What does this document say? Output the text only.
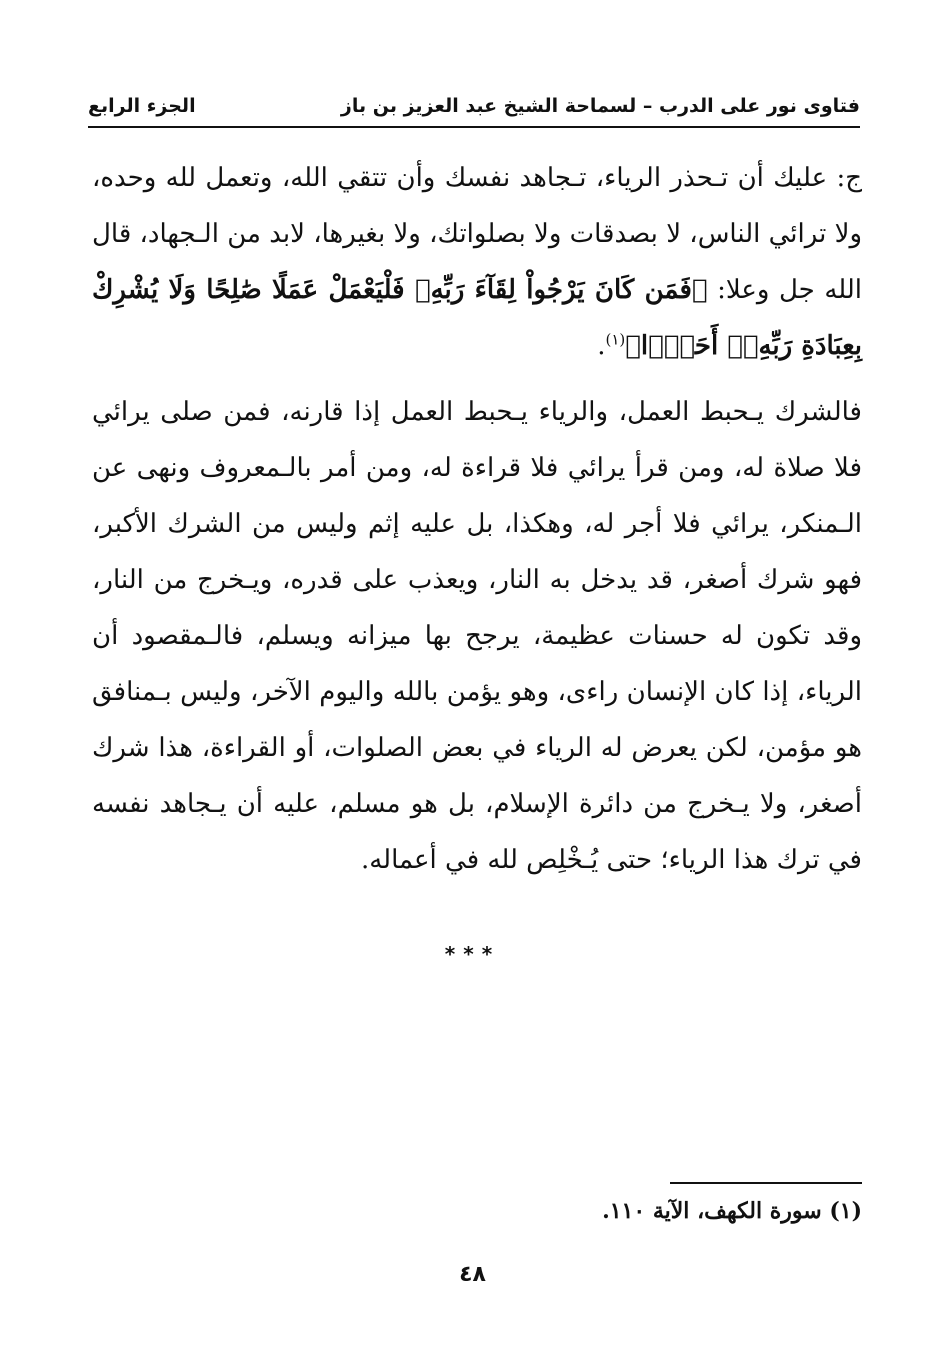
فتاوى نور على الدرب – لسماحة الشيخ عبد العزيز بن باز
الجزء الرابع
ج: عليك أن تـحذر الرياء، تـجاهد نفسك وأن تتقي الله، وتعمل لله وحده، ولا ترائي الناس، لا بصدقات ولا بصلواتك، ولا بغيرها، لابد من الـجهاد، قال الله جل وعلا: ﴿فَمَن كَانَ يَرْجُواْ لِقَآءَ رَبِّهِۦ فَلْيَعْمَلْ عَمَلًا صَٰلِحًا وَلَا يُشْرِكْ بِعِبَادَةِ رَبِّهِۦٓ أَحَدًۢا﴾$^{(١)}$.
فالشرك يـحبط العمل، والرياء يـحبط العمل إذا قارنه، فمن صلى يرائي فلا صلاة له، ومن قرأ يرائي فلا قراءة له، ومن أمر بالـمعروف ونهى عن الـمنكر، يرائي فلا أجر له، وهكذا، بل عليه إثم وليس من الشرك الأكبر، فهو شرك أصغر، قد يدخل به النار، ويعذب على قدره، ويـخرج من النار، وقد تكون له حسنات عظيمة، يرجح بها ميزانه ويسلم، فالـمقصود أن الرياء، إذا كان الإنسان راءى، وهو يؤمن بالله واليوم الآخر، وليس بـمنافق هو مؤمن، لكن يعرض له الرياء في بعض الصلوات، أو القراءة، هذا شرك أصغر، ولا يـخرج من دائرة الإسلام، بل هو مسلم، عليه أن يـجاهد نفسه في ترك هذا الرياء؛ حتى يُـخْلِص لله في أعماله.
***
(١) سورة الكهف، الآية ١١٠.
٤٨
